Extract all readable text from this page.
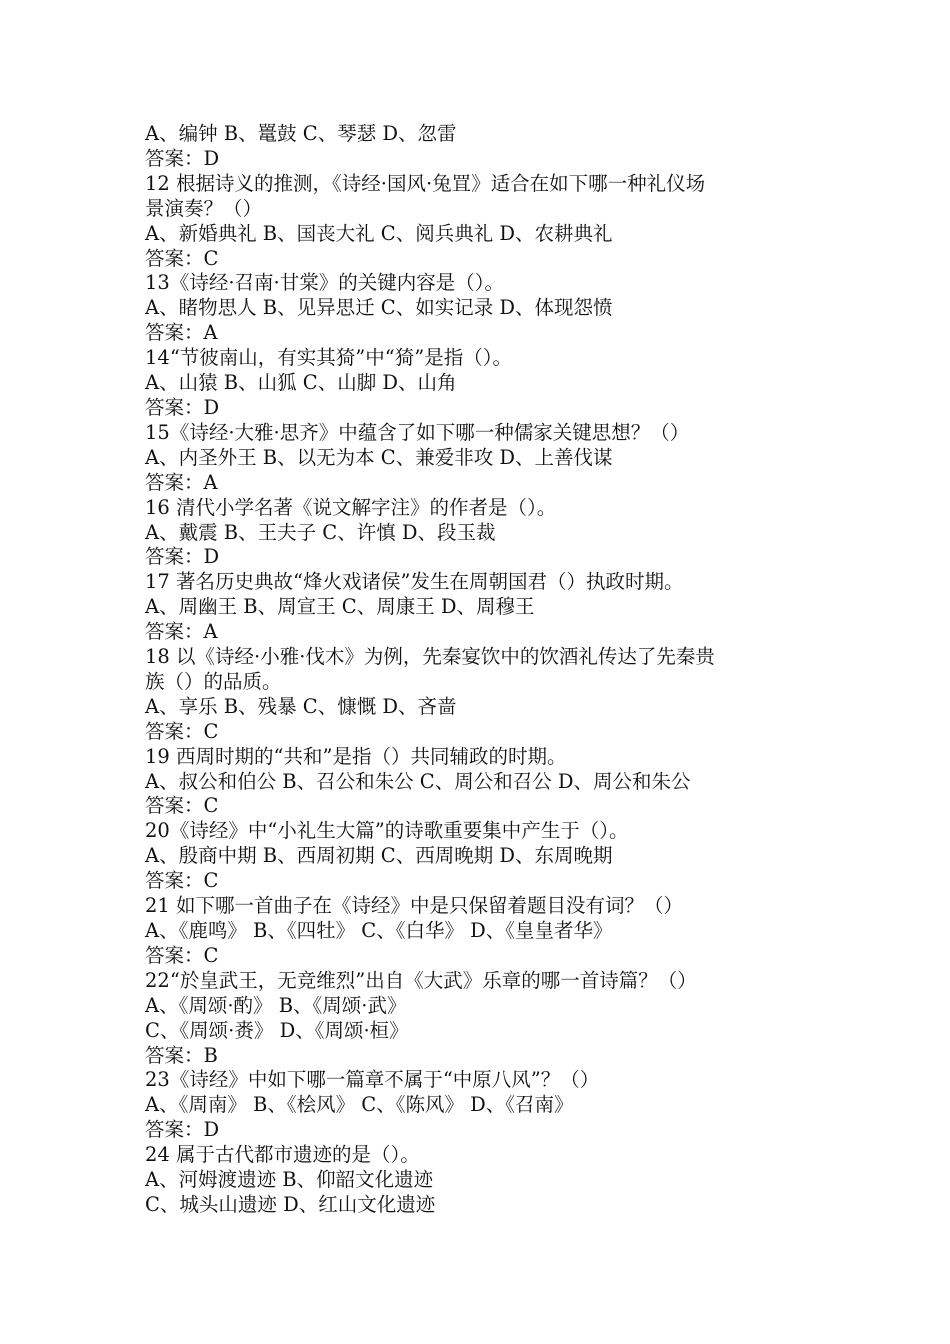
A、编钟 B、鼍鼓 C、琴瑟 D、忽雷

答案：D

12 根据诗义的推测，《诗经·国风·兔罝》适合在如下哪一种礼仪场

景演奏？（）

A、新婚典礼 B、国丧大礼 C、阅兵典礼 D、农耕典礼

答案：C

13《诗经·召南·甘棠》的关键内容是（）。

A、睹物思人 B、见异思迁 C、如实记录 D、体现怨愤

答案：A

14“节彼南山，有实其猗”中“猗”是指（）。

A、山猿 B、山狐 C、山脚 D、山角

答案：D

15《诗经·大雅·思齐》中蕴含了如下哪一种儒家关键思想？（）

A、内圣外王 B、以无为本 C、兼爱非攻 D、上善伐谋

答案：A

16 清代小学名著《说文解字注》的作者是（）。

A、戴震 B、王夫子 C、许慎 D、段玉裁

答案：D

17 著名历史典故“烽火戏诸侯”发生在周朝国君（）执政时期。

A、周幽王 B、周宣王 C、周康王 D、周穆王

答案：A

18 以《诗经·小雅·伐木》为例，先秦宴饮中的饮酒礼传达了先秦贵

族（）的品质。

A、享乐 B、残暴 C、慷慨 D、吝啬

答案：C

19 西周时期的“共和”是指（）共同辅政的时期。

A、叔公和伯公 B、召公和朱公 C、周公和召公 D、周公和朱公

答案：C

20《诗经》中“小礼生大篇”的诗歌重要集中产生于（）。

A、殷商中期 B、西周初期 C、西周晚期 D、东周晚期

答案：C

21 如下哪一首曲子在《诗经》中是只保留着题目没有词？（）

A、《鹿鸣》 B、《四牡》 C、《白华》 D、《皇皇者华》

答案：C

22“於皇武王，无竞维烈”出自《大武》乐章的哪一首诗篇？（）

A、《周颂·酌》 B、《周颂·武》

C、《周颂·赉》 D、《周颂·桓》

答案：B

23《诗经》中如下哪一篇章不属于“中原八风”？（）

A、《周南》 B、《桧风》 C、《陈风》 D、《召南》

答案：D

24 属于古代都市遗迹的是（）。

A、河姆渡遗迹 B、仰韶文化遗迹

C、城头山遗迹 D、红山文化遗迹
